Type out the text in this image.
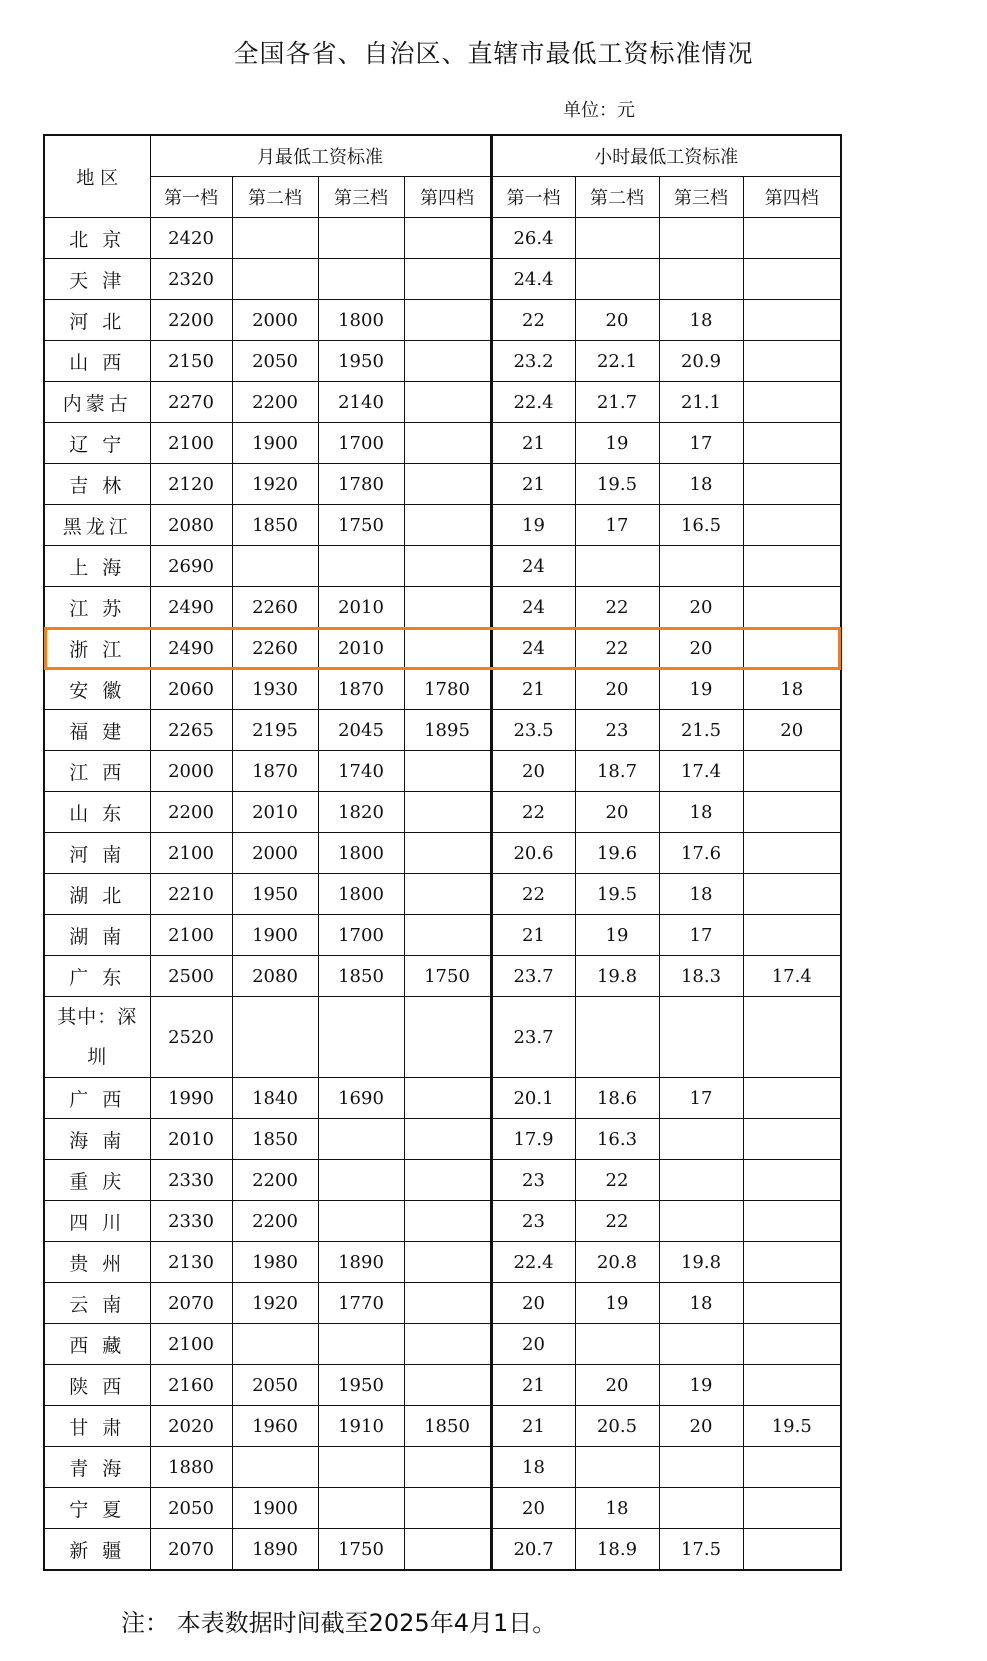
全国各省、自治区、直辖市最低工资标准情况
单位：元
地 区	月最低工资标准				小时最低工资标准			
	第一档	第二档	第三档	第四档	第一档	第二档	第三档	第四档
北 京	2420				26.4			
天 津	2320				24.4			
河 北	2200	2000	1800		22	20	18	
山 西	2150	2050	1950		23.2	22.1	20.9	
内蒙古	2270	2200	2140		22.4	21.7	21.1	
辽 宁	2100	1900	1700		21	19	17	
吉 林	2120	1920	1780		21	19.5	18	
黑龙江	2080	1850	1750		19	17	16.5	
上 海	2690				24			
江 苏	2490	2260	2010		24	22	20	
浙 江	2490	2260	2010		24	22	20	
安 徽	2060	1930	1870	1780	21	20	19	18
福 建	2265	2195	2045	1895	23.5	23	21.5	20
江 西	2000	1870	1740		20	18.7	17.4	
山 东	2200	2010	1820		22	20	18	
河 南	2100	2000	1800		20.6	19.6	17.6	
湖 北	2210	1950	1800		22	19.5	18	
湖 南	2100	1900	1700		21	19	17	
广 东	2500	2080	1850	1750	23.7	19.8	18.3	17.4
其中：深圳	2520				23.7			
广 西	1990	1840	1690		20.1	18.6	17	
海 南	2010	1850			17.9	16.3		
重 庆	2330	2200			23	22		
四 川	2330	2200			23	22		
贵 州	2130	1980	1890		22.4	20.8	19.8	
云 南	2070	1920	1770		20	19	18	
西 藏	2100				20			
陕 西	2160	2050	1950		21	20	19	
甘 肃	2020	1960	1910	1850	21	20.5	20	19.5
青 海	1880				18			
宁 夏	2050	1900			20	18		
新 疆	2070	1890	1750		20.7	18.9	17.5	
注： 本表数据时间截至2025年4月1日。
